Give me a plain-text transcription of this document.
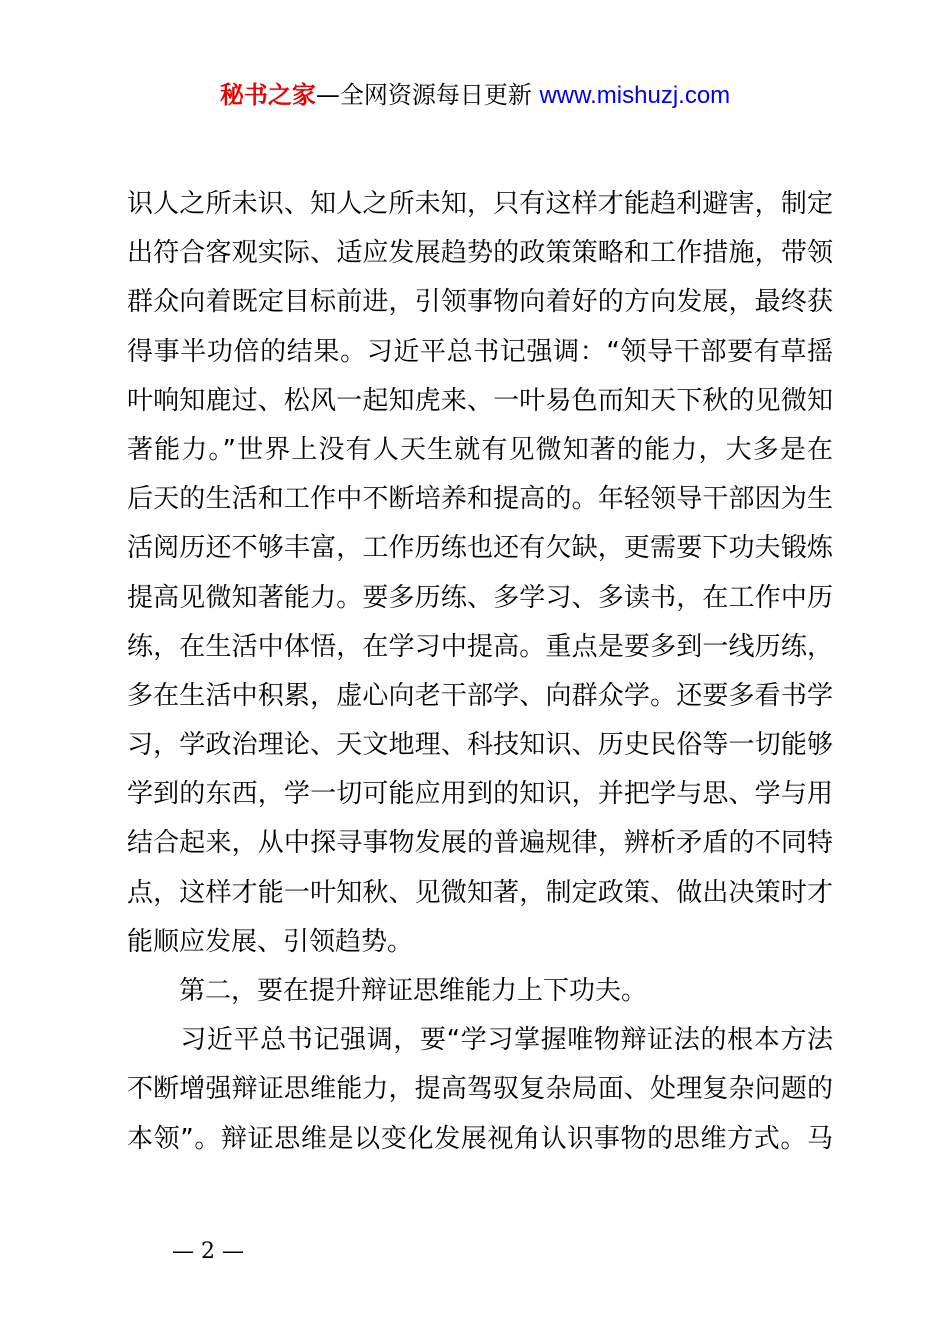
秘书之家—全网资源每日更新 www.mishuzj.com
识人之所未识、知人之所未知，只有这样才能趋利避害，制定
出符合客观实际、适应发展趋势的政策策略和工作措施，带领
群众向着既定目标前进，引领事物向着好的方向发展，最终获
得事半功倍的结果。习近平总书记强调：“领导干部要有草摇
叶响知鹿过、松风一起知虎来、一叶易色而知天下秋的见微知
著能力。”世界上没有人天生就有见微知著的能力，大多是在
后天的生活和工作中不断培养和提高的。年轻领导干部因为生
活阅历还不够丰富，工作历练也还有欠缺，更需要下功夫锻炼
提高见微知著能力。要多历练、多学习、多读书，在工作中历
练，在生活中体悟，在学习中提高。重点是要多到一线历练，
多在生活中积累，虚心向老干部学、向群众学。还要多看书学
习，学政治理论、天文地理、科技知识、历史民俗等一切能够
学到的东西，学一切可能应用到的知识，并把学与思、学与用
结合起来，从中探寻事物发展的普遍规律，辨析矛盾的不同特
点，这样才能一叶知秋、见微知著，制定政策、做出决策时才
能顺应发展、引领趋势。
　　第二，要在提升辩证思维能力上下功夫。
　　习近平总书记强调，要“学习掌握唯物辩证法的根本方法
不断增强辩证思维能力，提高驾驭复杂局面、处理复杂问题的
本领”。辩证思维是以变化发展视角认识事物的思维方式。马
— 2 —
